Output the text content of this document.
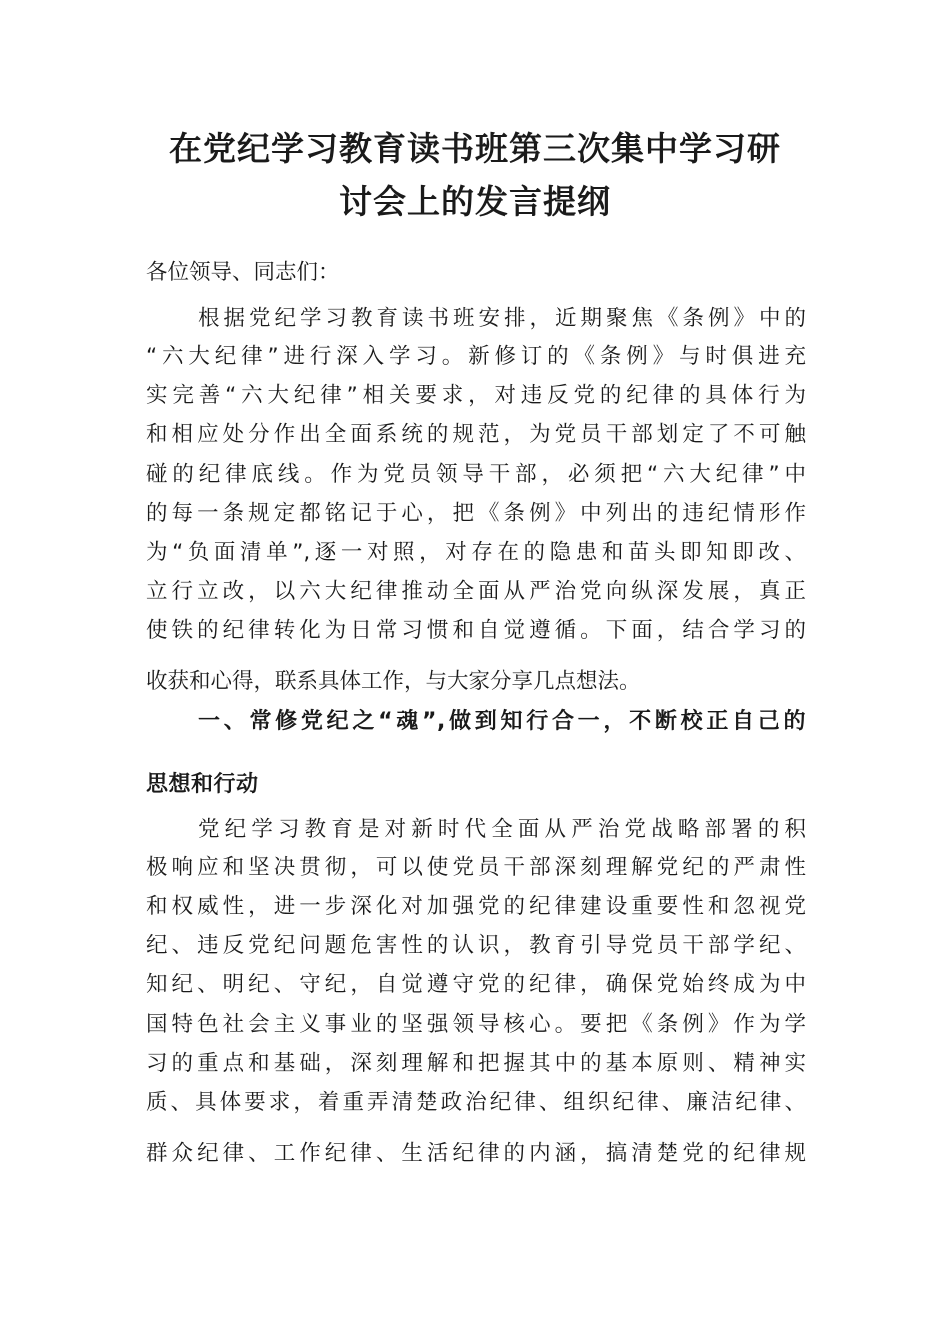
在党纪学习教育读书班第三次集中学习研
讨会上的发言提纲
各位领导、同志们：
根据党纪学习教育读书班安排，近期聚焦《条例》中的
“六大纪律”进行深入学习。新修订的《条例》与时俱进充
实完善“六大纪律”相关要求，对违反党的纪律的具体行为
和相应处分作出全面系统的规范，为党员干部划定了不可触
碰的纪律底线。作为党员领导干部，必须把“六大纪律”中
的每一条规定都铭记于心，把《条例》中列出的违纪情形作
为“负面清单”,逐一对照，对存在的隐患和苗头即知即改、
立行立改，以六大纪律推动全面从严治党向纵深发展，真正
使铁的纪律转化为日常习惯和自觉遵循。下面，结合学习的
收获和心得，联系具体工作，与大家分享几点想法。
一、常修党纪之“魂”,做到知行合一，不断校正自己的
思想和行动
党纪学习教育是对新时代全面从严治党战略部署的积
极响应和坚决贯彻，可以使党员干部深刻理解党纪的严肃性
和权威性，进一步深化对加强党的纪律建设重要性和忽视党
纪、违反党纪问题危害性的认识，教育引导党员干部学纪、
知纪、明纪、守纪，自觉遵守党的纪律，确保党始终成为中
国特色社会主义事业的坚强领导核心。要把《条例》作为学
习的重点和基础，深刻理解和把握其中的基本原则、精神实
质、具体要求，着重弄清楚政治纪律、组织纪律、廉洁纪律、
群众纪律、工作纪律、生活纪律的内涵，搞清楚党的纪律规
